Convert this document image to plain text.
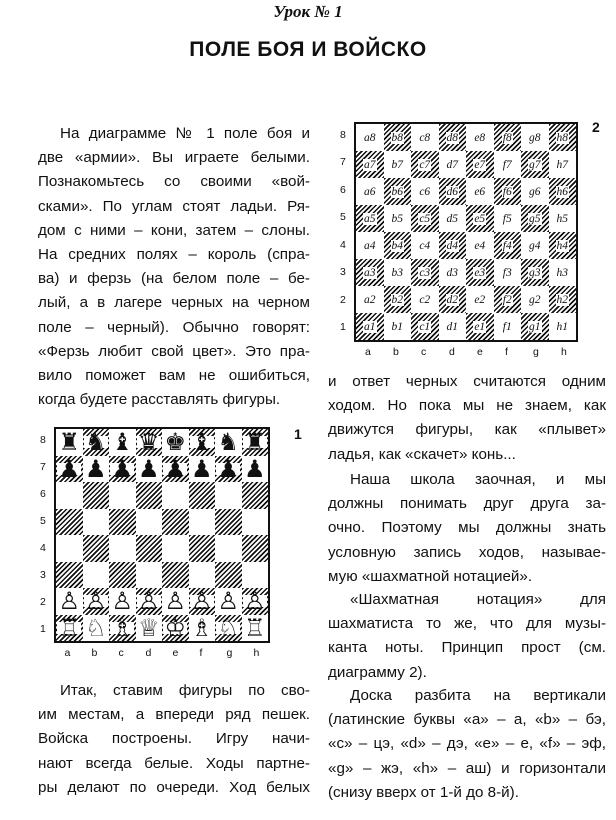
Урок № 1
ПОЛЕ БОЯ И ВОЙСКО
На диаграмме № 1 поле боя и
две «армии». Вы играете белыми.
Познакомьтесь со своими «вой-
сками». По углам стоят ладьи. Ря-
дом с ними – кони, затем – слоны.
На средних полях – король (спра-
ва) и ферзь (на белом поле – бе-
лый, а в лагере черных на черном
поле – черный). Обычно говорят:
«Ферзь любит свой цвет». Это пра-
вило поможет вам не ошибиться,
когда будете расставлять фигуры.
Итак, ставим фигуры по сво-
им местам, а впереди ряд пешек.
Войска построены. Игру начи-
нают всегда белые. Ходы партне-
ры делают по очереди. Ход белых
и ответ черных считаются одним
ходом. Но пока мы не знаем, как
движутся фигуры, как «плывет»
ладья, как «скачет» конь...
Наша школа заочная, и мы
должны понимать друг друга за-
очно. Поэтому мы должны знать
условную запись ходов, называе-
мую «шахматной нотацией».
«Шахматная нотация» для
шахматиста то же, что для музы-
канта ноты. Принцип прост (см.
диаграмму 2).
Доска разбита на вертикали
(латинские буквы «a» – а, «b» – бэ,
«c» – цэ, «d» – дэ, «e» – е, «f» – эф,
«g» – жэ, «h» – аш) и горизонтали
(снизу вверх от 1-й до 8-й).
1
♜ ♞ ♝ ♛ ♚ ♝ ♞ ♜
♟ ♟ ♟ ♟ ♟ ♟ ♟ ♟
♙ ♙ ♙ ♙ ♙ ♙ ♙ ♙
♖ ♘ ♗ ♕ ♔ ♗ ♘ ♖
8
7
6
5
4
3
2
1
a b c d e f g h
2
a8 b8 c8 d8 e8 f8 g8 h8
a7 b7 c7 d7 e7 f7 g7 h7
a6 b6 c6 d6 e6 f6 g6 h6
a5 b5 c5 d5 e5 f5 g5 h5
a4 b4 c4 d4 e4 f4 g4 h4
a3 b3 c3 d3 e3 f3 g3 h3
a2 b2 c2 d2 e2 f2 g2 h2
a1 b1 c1 d1 e1 f1 g1 h1
8
7
6
5
4
3
2
1
a b c d e f g h
